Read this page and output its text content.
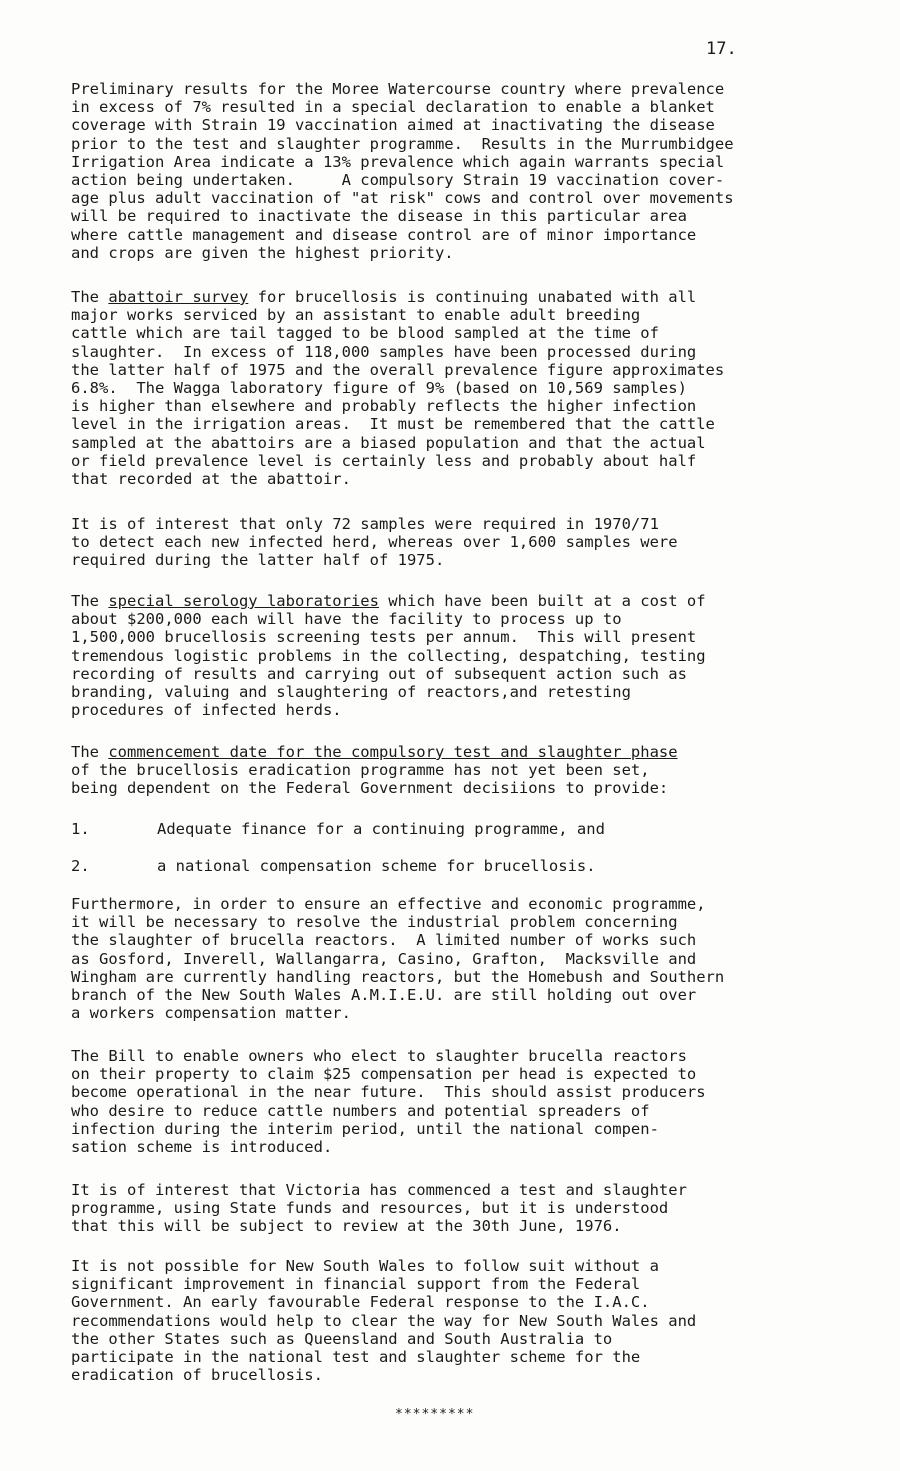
17.
Preliminary results for the Moree Watercourse country where prevalence
in excess of 7% resulted in a special declaration to enable a blanket
coverage with Strain 19 vaccination aimed at inactivating the disease
prior to the test and slaughter programme.  Results in the Murrumbidgee
Irrigation Area indicate a 13% prevalence which again warrants special
action being undertaken.     A compulsory Strain 19 vaccination cover-
age plus adult vaccination of "at risk" cows and control over movements
will be required to inactivate the disease in this particular area
where cattle management and disease control are of minor importance
and crops are given the highest priority.
The abattoir survey for brucellosis is continuing unabated with all
major works serviced by an assistant to enable adult breeding
cattle which are tail tagged to be blood sampled at the time of
slaughter.  In excess of 118,000 samples have been processed during
the latter half of 1975 and the overall prevalence figure approximates
6.8%.  The Wagga laboratory figure of 9% (based on 10,569 samples)
is higher than elsewhere and probably reflects the higher infection
level in the irrigation areas.  It must be remembered that the cattle
sampled at the abattoirs are a biased population and that the actual
or field prevalence level is certainly less and probably about half
that recorded at the abattoir.
It is of interest that only 72 samples were required in 1970/71
to detect each new infected herd, whereas over 1,600 samples were
required during the latter half of 1975.
The special serology laboratories which have been built at a cost of
about $200,000 each will have the facility to process up to
1,500,000 brucellosis screening tests per annum.  This will present
tremendous logistic problems in the collecting, despatching, testing
recording of results and carrying out of subsequent action such as
branding, valuing and slaughtering of reactors,and retesting
procedures of infected herds.
The commencement date for the compulsory test and slaughter phase
of the brucellosis eradication programme has not yet been set,
being dependent on the Federal Government decisiions to provide:
1.	Adequate finance for a continuing programme, and
2.	a national compensation scheme for brucellosis.
Furthermore, in order to ensure an effective and economic programme,
it will be necessary to resolve the industrial problem concerning
the slaughter of brucella reactors.  A limited number of works such
as Gosford, Inverell, Wallangarra, Casino, Grafton,  Macksville and
Wingham are currently handling reactors, but the Homebush and Southern
branch of the New South Wales A.M.I.E.U. are still holding out over
a workers compensation matter.
The Bill to enable owners who elect to slaughter brucella reactors
on their property to claim $25 compensation per head is expected to
become operational in the near future.  This should assist producers
who desire to reduce cattle numbers and potential spreaders of
infection during the interim period, until the national compen-
sation scheme is introduced.
It is of interest that Victoria has commenced a test and slaughter
programme, using State funds and resources, but it is understood
that this will be subject to review at the 30th June, 1976.
It is not possible for New South Wales to follow suit without a
significant improvement in financial support from the Federal
Government. An early favourable Federal response to the I.A.C.
recommendations would help to clear the way for New South Wales and
the other States such as Queensland and South Australia to
participate in the national test and slaughter scheme for the
eradication of brucellosis.
*********
